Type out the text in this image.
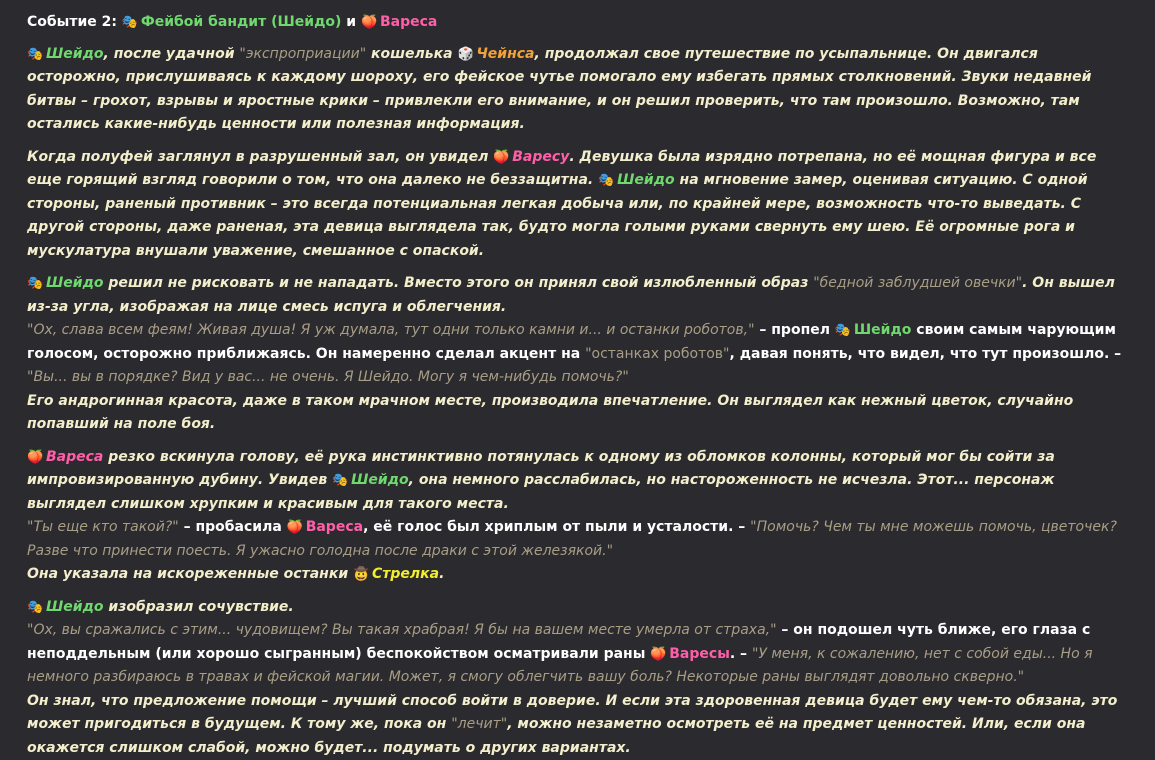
Событие 2: 🎭 Фейбой бандит (Шейдо) и 🍑 Вареса

🎭 Шейдо, после удачной "экспроприации" кошелька 🎲 Чейнса, продолжал свое путешествие по усыпальнице. Он двигался осторожно, прислушиваясь к каждому шороху, его фейское чутье помогало ему избегать прямых столкновений. Звуки недавней битвы – грохот, взрывы и яростные крики – привлекли его внимание, и он решил проверить, что там произошло. Возможно, там остались какие-нибудь ценности или полезная информация.

Когда полуфей заглянул в разрушенный зал, он увидел 🍑 Варесу. Девушка была изрядно потрепана, но её мощная фигура и все еще горящий взгляд говорили о том, что она далеко не беззащитна. 🎭 Шейдо на мгновение замер, оценивая ситуацию. С одной стороны, раненый противник – это всегда потенциальная легкая добыча или, по крайней мере, возможность что-то выведать. С другой стороны, даже раненая, эта девица выглядела так, будто могла голыми руками свернуть ему шею. Её огромные рога и мускулатура внушали уважение, смешанное с опаской.

🎭 Шейдо решил не рисковать и не нападать. Вместо этого он принял свой излюбленный образ "бедной заблудшей овечки". Он вышел из-за угла, изображая на лице смесь испуга и облегчения.
"Ох, слава всем феям! Живая душа! Я уж думала, тут одни только камни и... и останки роботов," – пропел 🎭 Шейдо своим самым чарующим голосом, осторожно приближаясь. Он намеренно сделал акцент на "останках роботов", давая понять, что видел, что тут произошло. – "Вы... вы в порядке? Вид у вас... не очень. Я Шейдо. Могу я чем-нибудь помочь?"
Его андрогинная красота, даже в таком мрачном месте, производила впечатление. Он выглядел как нежный цветок, случайно попавший на поле боя.

🍑 Вареса резко вскинула голову, её рука инстинктивно потянулась к одному из обломков колонны, который мог бы сойти за импровизированную дубину. Увидев 🎭 Шейдо, она немного расслабилась, но настороженность не исчезла. Этот... персонаж выглядел слишком хрупким и красивым для такого места.
"Ты еще кто такой?" – пробасила 🍑 Вареса, её голос был хриплым от пыли и усталости. – "Помочь? Чем ты мне можешь помочь, цветочек? Разве что принести поесть. Я ужасно голодна после драки с этой железякой."
Она указала на искореженные останки 🤠 Стрелка.

🎭 Шейдо изобразил сочувствие.
"Ох, вы сражались с этим... чудовищем? Вы такая храбрая! Я бы на вашем месте умерла от страха," – он подошел чуть ближе, его глаза с неподдельным (или хорошо сыгранным) беспокойством осматривали раны 🍑 Варесы. – "У меня, к сожалению, нет с собой еды... Но я немного разбираюсь в травах и фейской магии. Может, я смогу облегчить вашу боль? Некоторые раны выглядят довольно скверно."
Он знал, что предложение помощи – лучший способ войти в доверие. И если эта здоровенная девица будет ему чем-то обязана, это может пригодиться в будущем. К тому же, пока он "лечит", можно незаметно осмотреть её на предмет ценностей. Или, если она окажется слишком слабой, можно будет... подумать о других вариантах.
